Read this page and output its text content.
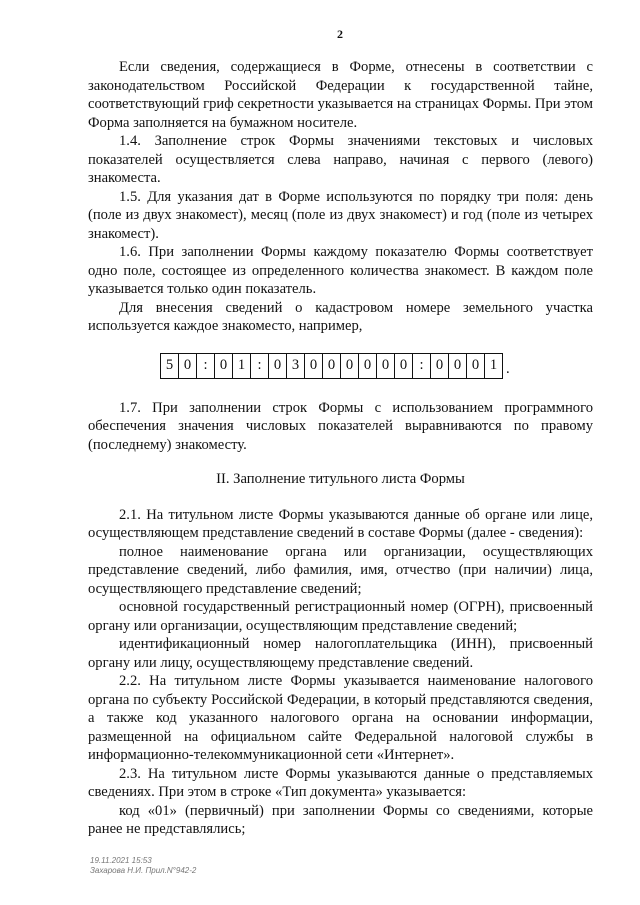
2

Если сведения, содержащиеся в Форме, отнесены в соответствии с законодательством Российской Федерации к государственной тайне, соответствующий гриф секретности указывается на страницах Формы. При этом Форма заполняется на бумажном носителе.

1.4. Заполнение строк Формы значениями текстовых и числовых показателей осуществляется слева направо, начиная с первого (левого) знакоместа.

1.5. Для указания дат в Форме используются по порядку три поля: день (поле из двух знакомест), месяц (поле из двух знакомест) и год (поле из четырех знакомест).

1.6. При заполнении Формы каждому показателю Формы соответствует одно поле, состоящее из определенного количества знакомест. В каждом поле указывается только один показатель.

Для внесения сведений о кадастровом номере земельного участка используется каждое знакоместо, например,

5 0 : 0 1 : 0 3 0 0 0 0 0 0 : 0 0 0 1 .

1.7. При заполнении строк Формы с использованием программного обеспечения значения числовых показателей выравниваются по правому (последнему) знакоместу.

II. Заполнение титульного листа Формы

2.1. На титульном листе Формы указываются данные об органе или лице, осуществляющем представление сведений в составе Формы (далее - сведения):

полное наименование органа или организации, осуществляющих представление сведений, либо фамилия, имя, отчество (при наличии) лица, осуществляющего представление сведений;

основной государственный регистрационный номер (ОГРН), присвоенный органу или организации, осуществляющим представление сведений;

идентификационный номер налогоплательщика (ИНН), присвоенный органу или лицу, осуществляющему представление сведений.

2.2. На титульном листе Формы указывается наименование налогового органа по субъекту Российской Федерации, в который представляются сведения, а также код указанного налогового органа на основании информации, размещенной на официальном сайте Федеральной налоговой службы в информационно-телекоммуникационной сети «Интернет».

2.3. На титульном листе Формы указываются данные о представляемых сведениях. При этом в строке «Тип документа» указывается:

код «01» (первичный) при заполнении Формы со сведениями, которые ранее не представлялись;

19.11.2021 15:53
Захарова Н.И. Прил.N°942-2
